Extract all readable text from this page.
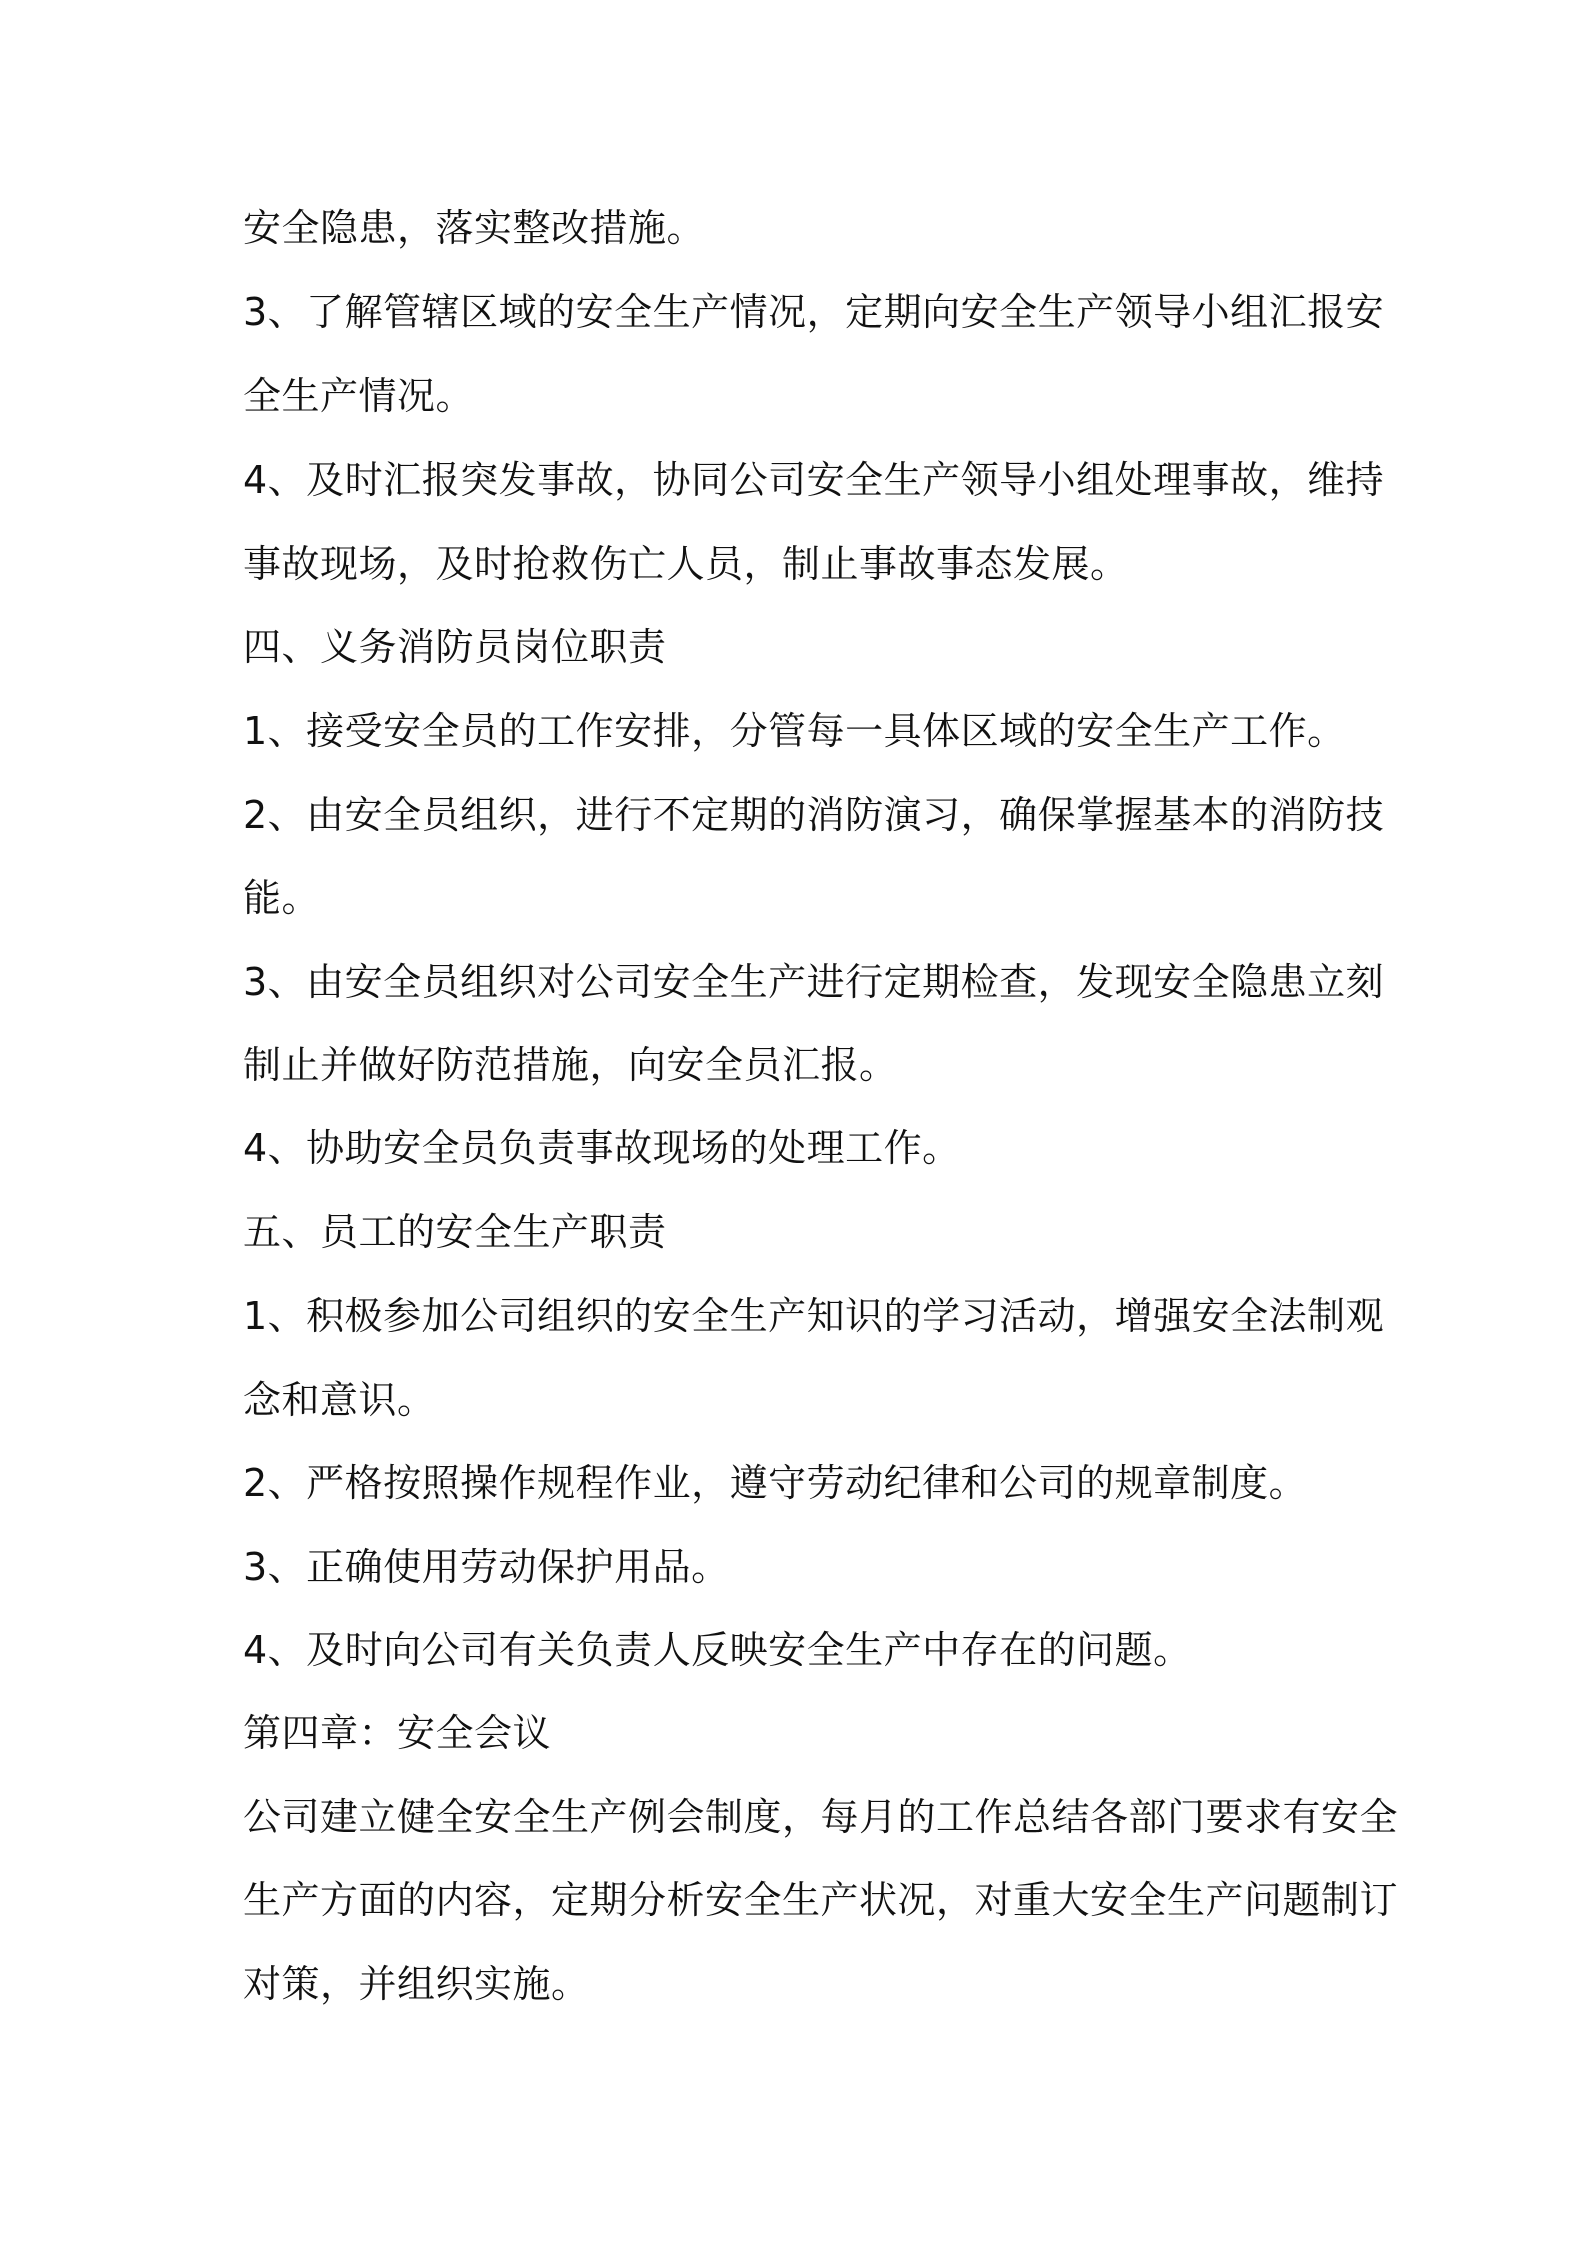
安全隐患，落实整改措施。
3、了解管辖区域的安全生产情况，定期向安全生产领导小组汇报安
全生产情况。
4、及时汇报突发事故，协同公司安全生产领导小组处理事故，维持
事故现场，及时抢救伤亡人员，制止事故事态发展。
四、义务消防员岗位职责
1、接受安全员的工作安排，分管每一具体区域的安全生产工作。
2、由安全员组织，进行不定期的消防演习，确保掌握基本的消防技
能。
3、由安全员组织对公司安全生产进行定期检查，发现安全隐患立刻
制止并做好防范措施，向安全员汇报。
4、协助安全员负责事故现场的处理工作。
五、员工的安全生产职责
1、积极参加公司组织的安全生产知识的学习活动，增强安全法制观
念和意识。
2、严格按照操作规程作业，遵守劳动纪律和公司的规章制度。
3、正确使用劳动保护用品。
4、及时向公司有关负责人反映安全生产中存在的问题。
第四章：安全会议
公司建立健全安全生产例会制度，每月的工作总结各部门要求有安全
生产方面的内容，定期分析安全生产状况，对重大安全生产问题制订
对策，并组织实施。
